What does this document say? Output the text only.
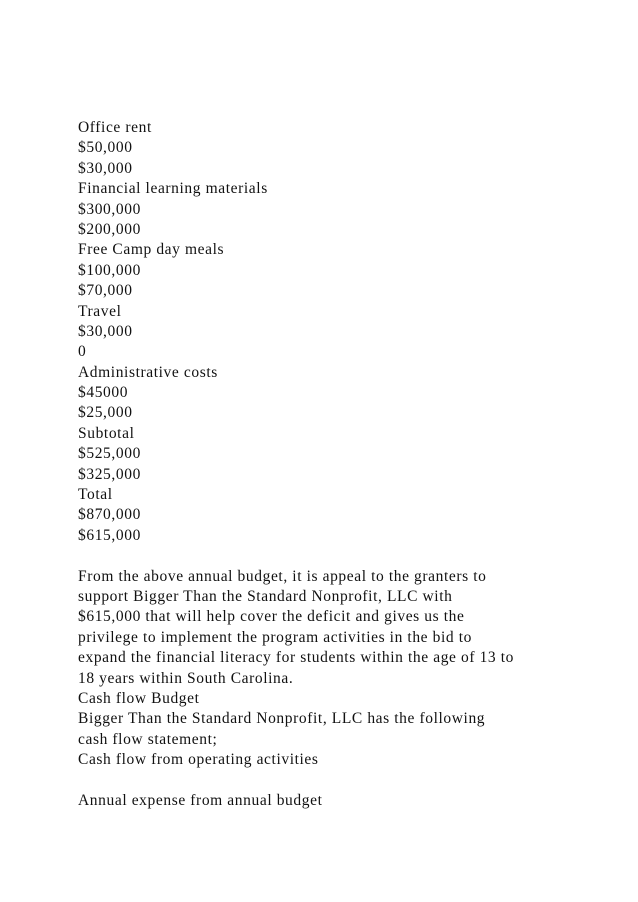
Office rent
$50,000
$30,000
Financial learning materials
$300,000
$200,000
Free Camp day meals
$100,000
$70,000
Travel
$30,000
0
Administrative costs
$45000
$25,000
Subtotal
$525,000
$325,000
Total
$870,000
$615,000
From the above annual budget, it is appeal to the granters to
support Bigger Than the Standard Nonprofit, LLC with
$615,000 that will help cover the deficit and gives us the
privilege to implement the program activities in the bid to
expand the financial literacy for students within the age of 13 to
18 years within South Carolina.
Cash flow Budget
Bigger Than the Standard Nonprofit, LLC has the following
cash flow statement;
Cash flow from operating activities
Annual expense from annual budget
